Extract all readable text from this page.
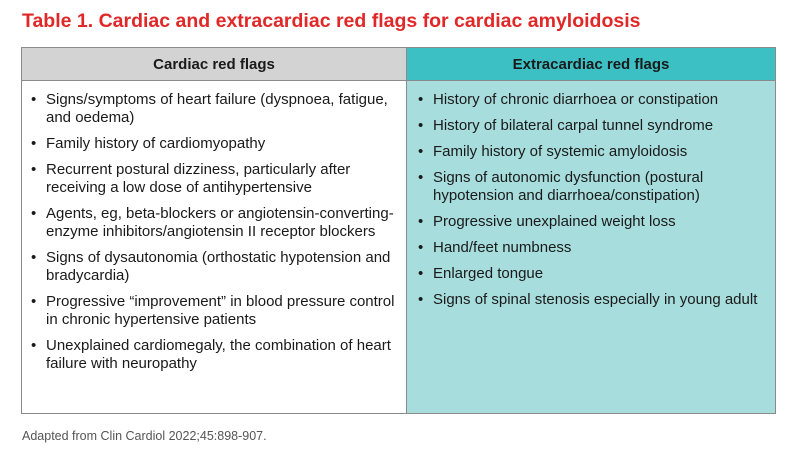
Table 1. Cardiac and extracardiac red flags for cardiac amyloidosis
Cardiac red flags	Extracardiac red flags
• Signs/symptoms of heart failure (dyspnoea, fatigue, and oedema)
• Family history of cardiomyopathy
• Recurrent postural dizziness, particularly after receiving a low dose of antihypertensive
• Agents, eg, beta-blockers or angiotensin-converting-enzyme inhibitors/angiotensin II receptor blockers
• Signs of dysautonomia (orthostatic hypotension and bradycardia)
• Progressive “improvement” in blood pressure control in chronic hypertensive patients
• Unexplained cardiomegaly, the combination of heart failure with neuropathy
• History of chronic diarrhoea or constipation
• History of bilateral carpal tunnel syndrome
• Family history of systemic amyloidosis
• Signs of autonomic dysfunction (postural hypotension and diarrhoea/constipation)
• Progressive unexplained weight loss
• Hand/feet numbness
• Enlarged tongue
• Signs of spinal stenosis especially in young adult
Adapted from Clin Cardiol 2022;45:898-907.
